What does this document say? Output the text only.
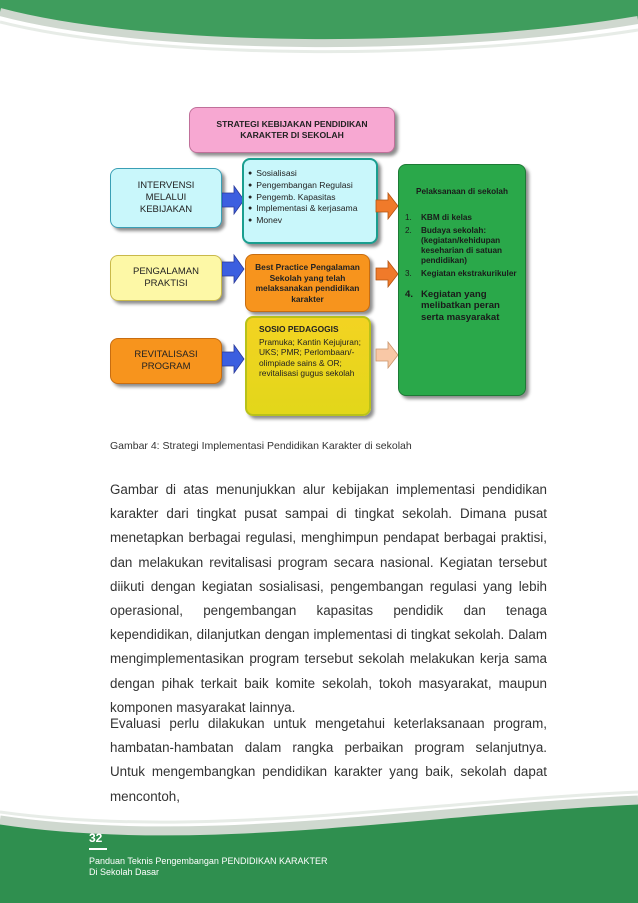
STRATEGI KEBIJAKAN PENDIDIKAN KARAKTER DI SEKOLAH
INTERVENSI MELALUI KEBIJAKAN
PENGALAMAN PRAKTISI
REVITALISASI PROGRAM
● Sosialisasi
● Pengembangan Regulasi
● Pengemb. Kapasitas
● Implementasi & kerjasama
● Monev
Best Practice Pengalaman Sekolah yang telah melaksanakan pendidikan karakter
SOSIO PEDAGOGIS
Pramuka; Kantin Kejujuran; UKS; PMR; Perlombaan/-olimpiade sains & OR; revitalisasi gugus sekolah
Pelaksanaan di sekolah
1.	KBM di kelas
2.	Budaya sekolah:
(kegiatan/kehidupan keseharian di satuan pendidikan)
3.	Kegiatan ekstrakurikuler
4. Kegiatan yang melibatkan peran serta masyarakat
Gambar 4: Strategi Implementasi Pendidikan Karakter di sekolah
Gambar di atas menunjukkan alur kebijakan implementasi pendidikan karakter dari tingkat pusat sampai di tingkat sekolah. Dimana pusat menetapkan berbagai regulasi, menghimpun pendapat berbagai praktisi, dan melakukan revitalisasi program secara nasional. Kegiatan tersebut diikuti dengan kegiatan sosialisasi, pengembangan regulasi yang lebih operasional, pengembangan kapasitas pendidik dan tenaga kependidikan, dilanjutkan dengan implementasi di tingkat sekolah. Dalam mengimplementasikan program tersebut sekolah melakukan kerja sama dengan pihak terkait baik komite sekolah, tokoh masyarakat, maupun komponen masyarakat lainnya.
Evaluasi perlu dilakukan untuk mengetahui keterlaksanaan program, hambatan-hambatan dalam rangka perbaikan program selanjutnya. Untuk mengembangkan pendidikan karakter yang baik, sekolah dapat mencontoh,
32
Panduan Teknis Pengembangan PENDIDIKAN KARAKTER
Di Sekolah Dasar
